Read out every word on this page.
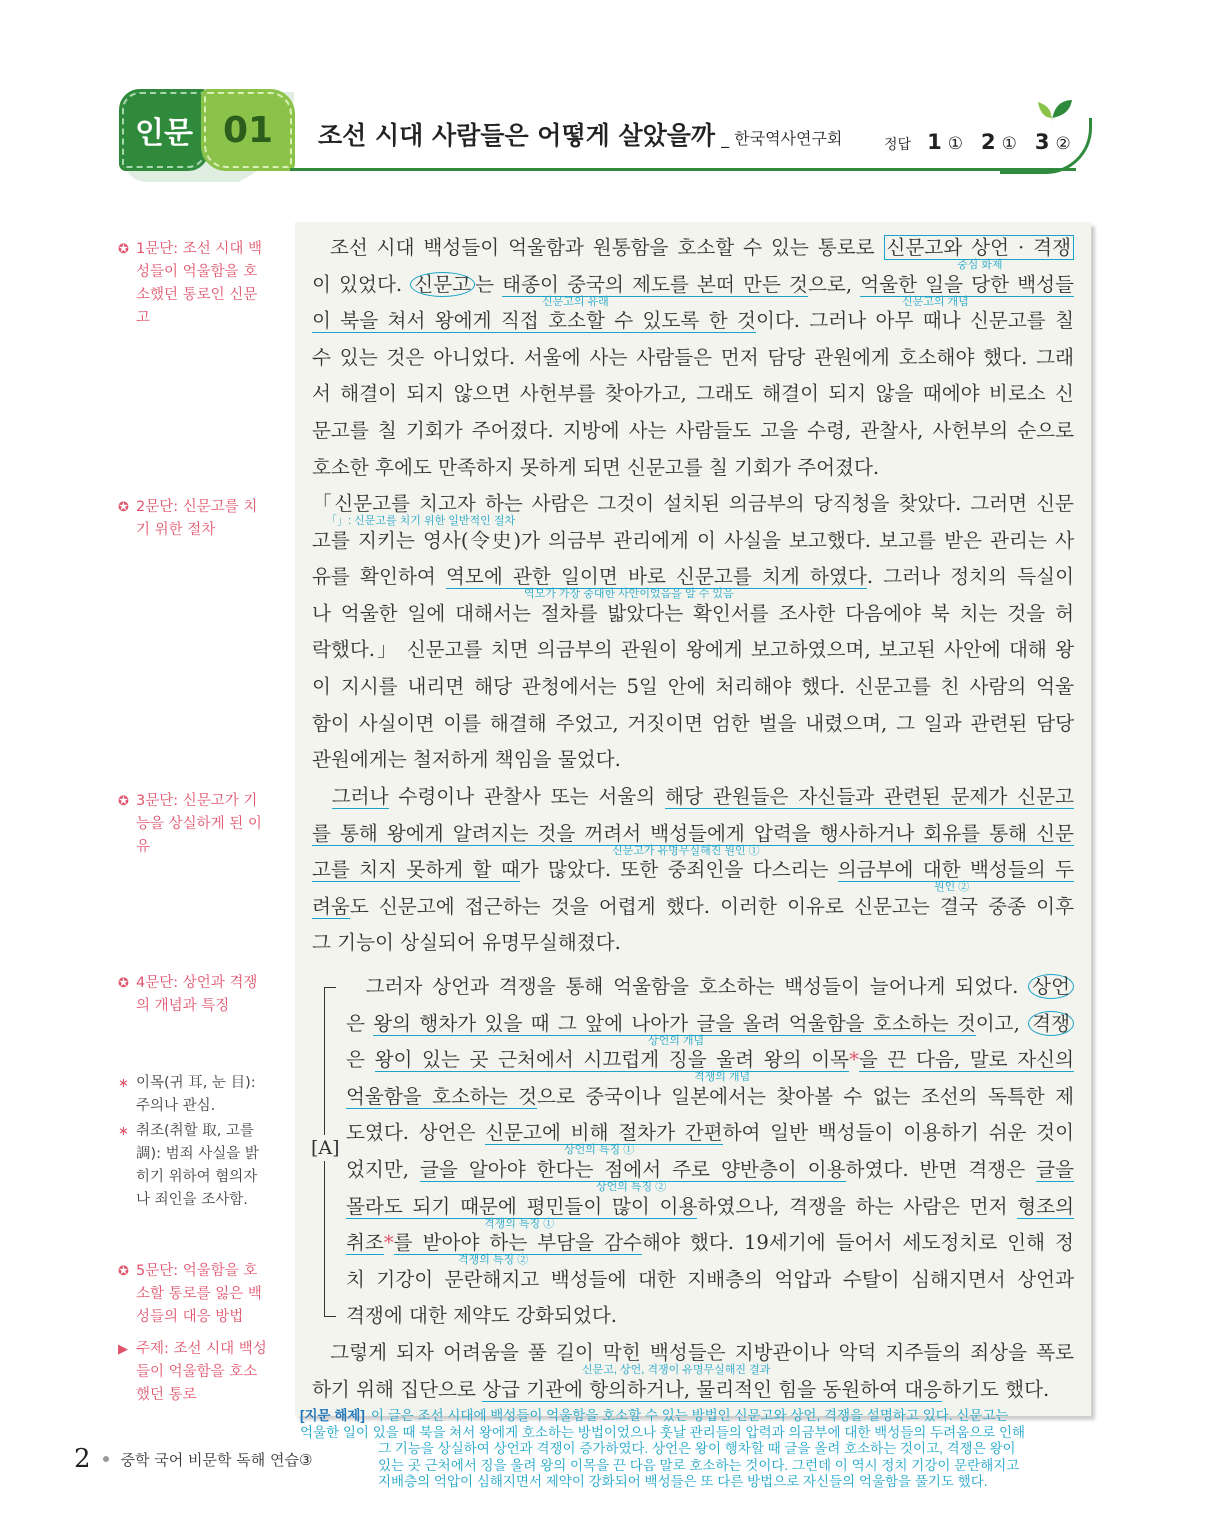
인문 01	조선 시대 사람들은 어떻게 살았을까 _ 한국역사연구회	정답 1 ① 2 ① 3 ②
✪ 1문단: 조선 시대 백성들이 억울함을 호소했던 통로인 신문고
✪ 2문단: 신문고를 치기 위한 절차
✪ 3문단: 신문고가 기능을 상실하게 된 이유
✪ 4문단: 상언과 격쟁의 개념과 특징
∗ 이목(귀 耳, 눈 目): 주의나 관심.
∗ 취조(취할 取, 고를 調): 범죄 사실을 밝히기 위하여 혐의자나 죄인을 조사함.
✪ 5문단: 억울함을 호소할 통로를 잃은 백성들의 대응 방법
▶ 주제: 조선 시대 백성들이 억울함을 호소했던 통로
조선 시대 백성들이 억울함과 원통함을 호소할 수 있는 통로로 신문고와 상언 · 격쟁
중심 화제
이 있었다. 신문고 는 태종이 중국의 제도를 본떠 만든 것으로, 억울한 일을 당한 백성들
신문고의 유래	신문고의 개념
이 북을 쳐서 왕에게 직접 호소할 수 있도록 한 것이다. 그러나 아무 때나 신문고를 칠
수 있는 것은 아니었다. 서울에 사는 사람들은 먼저 담당 관원에게 호소해야 했다. 그래
서 해결이 되지 않으면 사헌부를 찾아가고, 그래도 해결이 되지 않을 때에야 비로소 신
문고를 칠 기회가 주어졌다. 지방에 사는 사람들도 고을 수령, 관찰사, 사헌부의 순으로
호소한 후에도 만족하지 못하게 되면 신문고를 칠 기회가 주어졌다.
「신문고를 치고자 하는 사람은 그것이 설치된 의금부의 당직청을 찾았다. 그러면 신문
「」: 신문고를 치기 위한 일반적인 절차
고를 지키는 영사(令史)가 의금부 관리에게 이 사실을 보고했다. 보고를 받은 관리는 사
유를 확인하여 역모에 관한 일이면 바로 신문고를 치게 하였다. 그러나 정치의 득실이
역모가 가장 중대한 사안이었음을 알 수 있음
나 억울한 일에 대해서는 절차를 밟았다는 확인서를 조사한 다음에야 북 치는 것을 허
락했다.」 신문고를 치면 의금부의 관원이 왕에게 보고하였으며, 보고된 사안에 대해 왕
이 지시를 내리면 해당 관청에서는 5일 안에 처리해야 했다. 신문고를 친 사람의 억울
함이 사실이면 이를 해결해 주었고, 거짓이면 엄한 벌을 내렸으며, 그 일과 관련된 담당
관원에게는 철저하게 책임을 물었다.
그러나 수령이나 관찰사 또는 서울의 해당 관원들은 자신들과 관련된 문제가 신문고
를 통해 왕에게 알려지는 것을 꺼려서 백성들에게 압력을 행사하거나 회유를 통해 신문
신문고가 유명무실해진 원인 ①
고를 치지 못하게 할 때가 많았다. 또한 중죄인을 다스리는 의금부에 대한 백성들의 두
원인 ②
려움도 신문고에 접근하는 것을 어렵게 했다. 이러한 이유로 신문고는 결국 중종 이후
그 기능이 상실되어 유명무실해졌다.
[A]
그러자 상언과 격쟁을 통해 억울함을 호소하는 백성들이 늘어나게 되었다. 상언
은 왕의 행차가 있을 때 그 앞에 나아가 글을 올려 억울함을 호소하는 것이고, 격쟁
상언의 개념
은 왕이 있는 곳 근처에서 시끄럽게 징을 울려 왕의 이목*을 끈 다음, 말로 자신의
격쟁의 개념
억울함을 호소하는 것으로 중국이나 일본에서는 찾아볼 수 없는 조선의 독특한 제
도였다. 상언은 신문고에 비해 절차가 간편하여 일반 백성들이 이용하기 쉬운 것이
상언의 특징 ①
었지만, 글을 알아야 한다는 점에서 주로 양반층이 이용하였다. 반면 격쟁은 글을
상언의 특징 ②
몰라도 되기 때문에 평민들이 많이 이용하였으나, 격쟁을 하는 사람은 먼저 형조의
격쟁의 특징 ①
취조*를 받아야 하는 부담을 감수해야 했다. 19세기에 들어서 세도정치로 인해 정
격쟁의 특징 ②
치 기강이 문란해지고 백성들에 대한 지배층의 억압과 수탈이 심해지면서 상언과
격쟁에 대한 제약도 강화되었다.
그렇게 되자 어려움을 풀 길이 막힌 백성들은 지방관이나 악덕 지주들의 죄상을 폭로
신문고, 상언, 격쟁이 유명무실해진 결과
하기 위해 집단으로 상급 기관에 항의하거나, 물리적인 힘을 동원하여 대응하기도 했다.
[지문 해제] 이 글은 조선 시대에 백성들이 억울함을 호소할 수 있는 방법인 신문고와 상언, 격쟁을 설명하고 있다. 신문고는
억울한 일이 있을 때 북을 쳐서 왕에게 호소하는 방법이었으나 훗날 관리들의 압력과 의금부에 대한 백성들의 두려움으로 인해
그 기능을 상실하여 상언과 격쟁이 증가하였다. 상언은 왕이 행차할 때 글을 올려 호소하는 것이고, 격쟁은 왕이
있는 곳 근처에서 징을 울려 왕의 이목을 끈 다음 말로 호소하는 것이다. 그런데 이 역시 정치 기강이 문란해지고
지배층의 억압이 심해지면서 제약이 강화되어 백성들은 또 다른 방법으로 자신들의 억울함을 풀기도 했다.
2 중학 국어 비문학 독해 연습③
